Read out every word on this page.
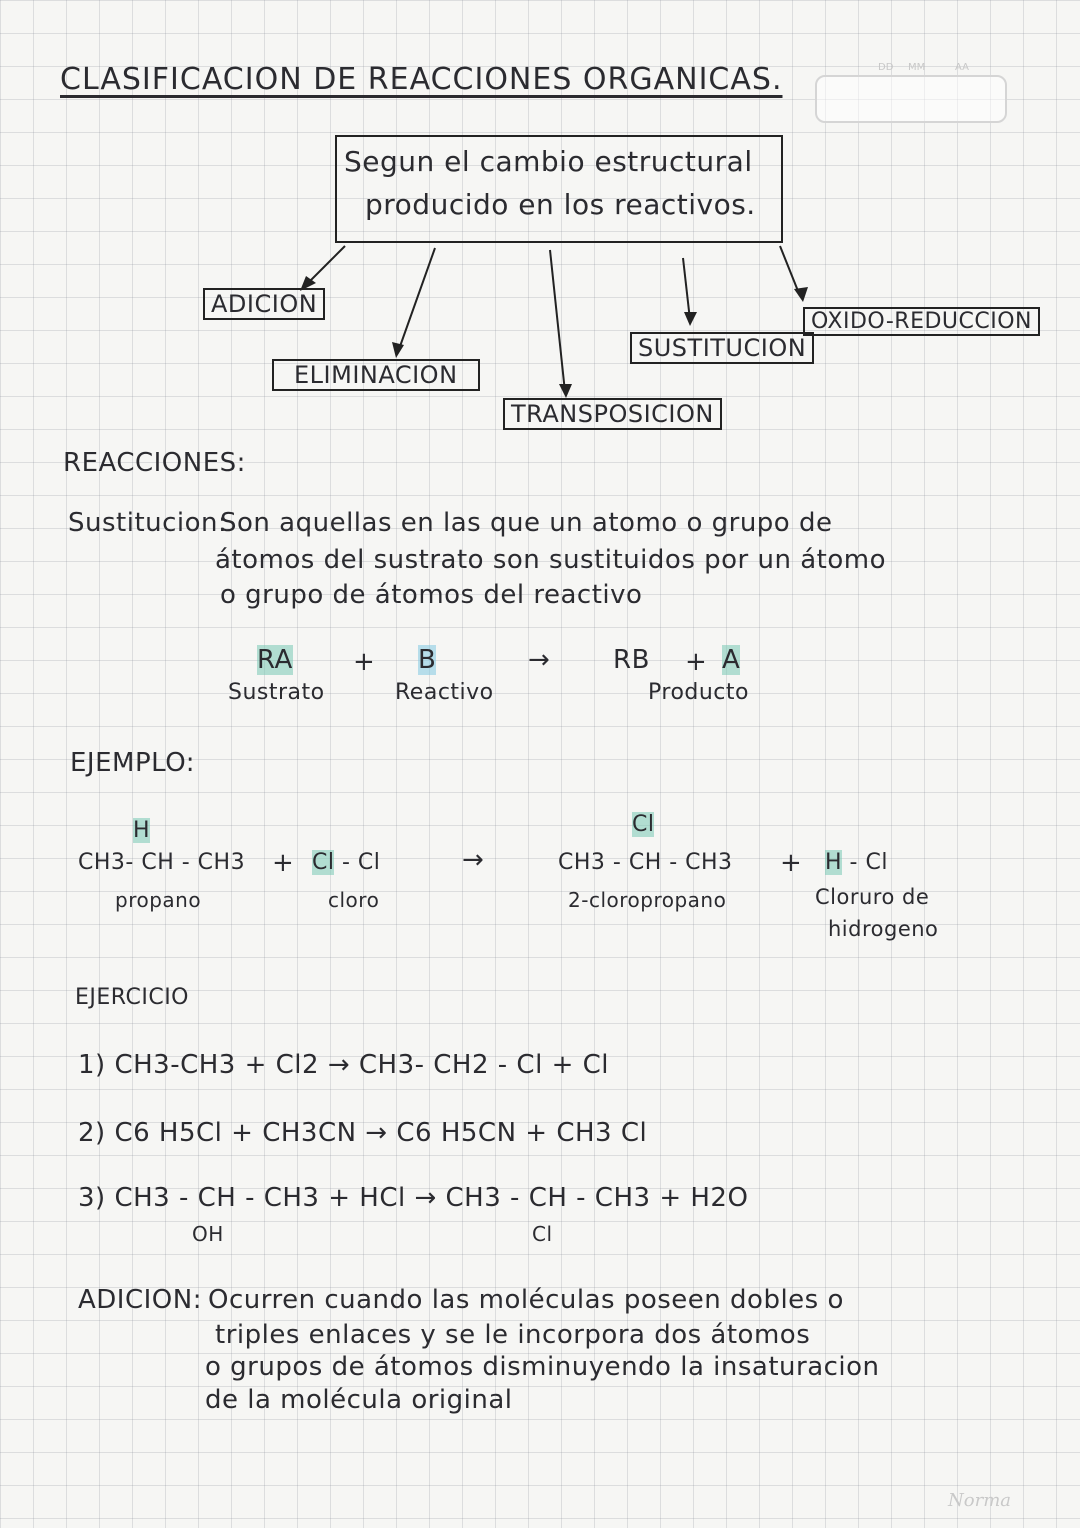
DD MM	AA
CLASIFICACION DE REACCIONES ORGANICAS.
Segun el cambio estructural
producido en los reactivos.
ADICION
ELIMINACION
TRANSPOSICION
SUSTITUCION
OXIDO-REDUCCION
REACCIONES:
Sustitucion:
Son aquellas en las que un atomo o grupo de
átomos del sustrato son sustituidos por un átomo
o grupo de átomos del reactivo
RA + B	→ RB + A
Sustrato	Reactivo	Producto
EJEMPLO:
H
CH3- CH - CH3
propano
+ Cl - Cl
cloro
→
Cl
CH3 - CH - CH3
2-cloropropano
+ H - Cl
Cloruro de
hidrogeno
EJERCICIO
1) CH3-CH3 + Cl2 → CH3- CH2 - Cl + Cl
2) C6 H5Cl + CH3CN → C6 H5CN + CH3 Cl
3) CH3 - CH - CH3 + HCl → CH3 - CH - CH3 + H2O
OH	Cl
ADICION: Ocurren cuando las moléculas poseen dobles o
triples enlaces y se le incorpora dos átomos
o grupos de átomos disminuyendo la insaturacion
de la molécula original
Norma
